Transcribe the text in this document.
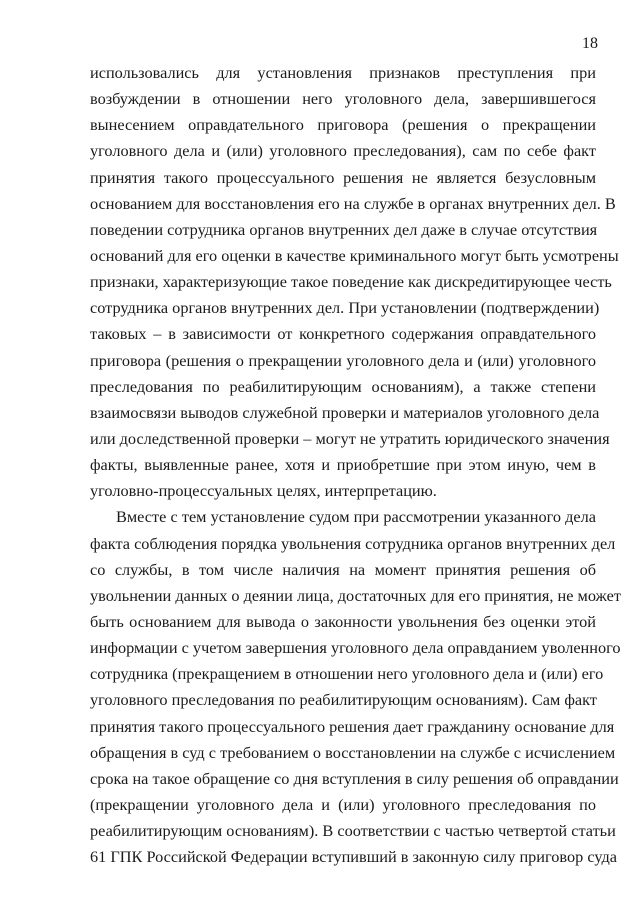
18
использовались для установления признаков преступления при
возбуждении в отношении него уголовного дела, завершившегося
вынесением оправдательного приговора (решения о прекращении
уголовного дела и (или) уголовного преследования), сам по себе факт
принятия такого процессуального решения не является безусловным
основанием для восстановления его на службе в органах внутренних дел. В
поведении сотрудника органов внутренних дел даже в случае отсутствия
оснований для его оценки в качестве криминального могут быть усмотрены
признаки, характеризующие такое поведение как дискредитирующее честь
сотрудника органов внутренних дел. При установлении (подтверждении)
таковых – в зависимости от конкретного содержания оправдательного
приговора (решения о прекращении уголовного дела и (или) уголовного
преследования по реабилитирующим основаниям), а также степени
взаимосвязи выводов служебной проверки и материалов уголовного дела
или доследственной проверки – могут не утратить юридического значения
факты, выявленные ранее, хотя и приобретшие при этом иную, чем в
уголовно-процессуальных целях, интерпретацию.
Вместе с тем установление судом при рассмотрении указанного дела
факта соблюдения порядка увольнения сотрудника органов внутренних дел
со службы, в том числе наличия на момент принятия решения об
увольнении данных о деянии лица, достаточных для его принятия, не может
быть основанием для вывода о законности увольнения без оценки этой
информации с учетом завершения уголовного дела оправданием уволенного
сотрудника (прекращением в отношении него уголовного дела и (или) его
уголовного преследования по реабилитирующим основаниям). Сам факт
принятия такого процессуального решения дает гражданину основание для
обращения в суд с требованием о восстановлении на службе с исчислением
срока на такое обращение со дня вступления в силу решения об оправдании
(прекращении уголовного дела и (или) уголовного преследования по
реабилитирующим основаниям). В соответствии с частью четвертой статьи
61 ГПК Российской Федерации вступивший в законную силу приговор суда
